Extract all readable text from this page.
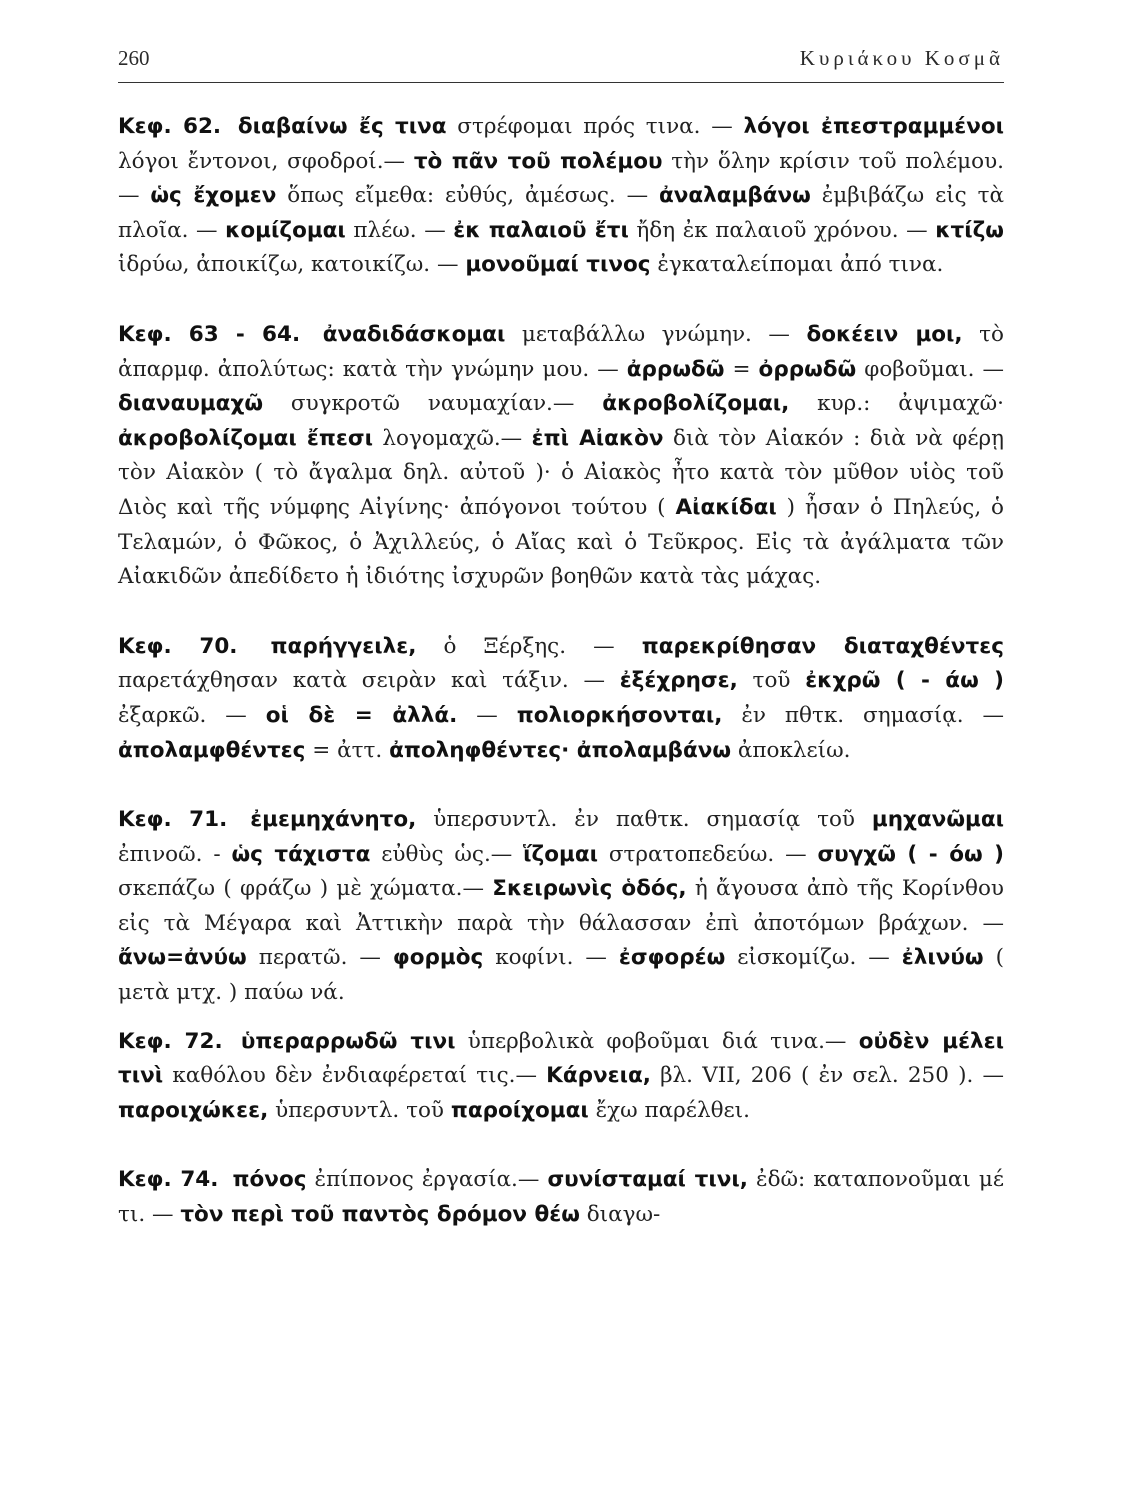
260	Κυριάκου Κοσμᾶ

Κεφ. 62. διαβαίνω ἔς τινα στρέφομαι πρός τινα. — λόγοι ἐπεστραμμένοι λόγοι ἔντονοι, σφοδροί.— τὸ πᾶν τοῦ πολέμου τὴν ὅλην κρίσιν τοῦ πολέμου. — ὡς ἔχομεν ὅπως εἴμεθα: εὐθύς, ἀμέσως. — ἀναλαμβάνω ἐμβιβάζω εἰς τὰ πλοῖα. — κομίζομαι πλέω. — ἐκ παλαιοῦ ἔτι ἤδη ἐκ παλαιοῦ χρόνου. — κτίζω ἱδρύω, ἀποικίζω, κατοικίζω. — μονοῦμαί τινος ἐγκαταλείπομαι ἀπό τινα.

Κεφ. 63 - 64. ἀναδιδάσκομαι μεταβάλλω γνώμην. — δοκέειν μοι, τὸ ἀπαρμφ. ἀπολύτως: κατὰ τὴν γνώμην μου. — ἀρρωδῶ = ὀρρωδῶ φοβοῦμαι. — διαναυμαχῶ συγκροτῶ ναυμαχίαν.— ἀκροβολίζομαι, κυρ.: ἀψιμαχῶ· ἀκροβολίζομαι ἔπεσι λογομαχῶ.— ἐπὶ Αἰακὸν διὰ τὸν Αἰακόν : διὰ νὰ φέρῃ τὸν Αἰακὸν ( τὸ ἄγαλμα δηλ. αὐτοῦ )· ὁ Αἰακὸς ἦτο κατὰ τὸν μῦθον υἱὸς τοῦ Διὸς καὶ τῆς νύμφης Αἰγίνης· ἀπόγονοι τούτου ( Αἰακίδαι ) ἦσαν ὁ Πηλεύς, ὁ Τελαμών, ὁ Φῶκος, ὁ Ἀχιλλεύς, ὁ Αἴας καὶ ὁ Τεῦκρος. Εἰς τὰ ἀγάλματα τῶν Αἰακιδῶν ἀπεδίδετο ἡ ἰδιότης ἰσχυρῶν βοηθῶν κατὰ τὰς μάχας.

Κεφ. 70. παρήγγειλε, ὁ Ξέρξης. — παρεκρίθησαν διαταχθέντες παρετάχθησαν κατὰ σειρὰν καὶ τάξιν. — ἐξέχρησε, τοῦ ἐκχρῶ ( - άω ) ἐξαρκῶ. — οἱ δὲ = ἀλλά. — πολιορκήσονται, ἐν πθτκ. σημασίᾳ. — ἀπολαμφθέντες = ἀττ. ἀποληφθέντες· ἀπολαμβάνω ἀποκλείω.

Κεφ. 71. ἐμεμηχάνητο, ὑπερσυντλ. ἐν παθτκ. σημασίᾳ τοῦ μηχανῶμαι ἐπινοῶ. - ὡς τάχιστα εὐθὺς ὡς.— ἵζομαι στρατοπεδεύω. — συγχῶ ( - όω ) σκεπάζω ( φράζω ) μὲ χώματα.— Σκειρωνὶς ὁδός, ἡ ἄγουσα ἀπὸ τῆς Κορίνθου εἰς τὰ Μέγαρα καὶ Ἀττικὴν παρὰ τὴν θάλασσαν ἐπὶ ἀποτόμων βράχων. — ἄνω=ἀνύω περατῶ. — φορμὸς κοφίνι. — ἐσφορέω εἰσκομίζω. — ἐλινύω ( μετὰ μτχ. ) παύω νά.

Κεφ. 72. ὑπεραρρωδῶ τινι ὑπερβολικὰ φοβοῦμαι διά τινα.— οὐδὲν μέλει τινὶ καθόλου δὲν ἐνδιαφέρεταί τις.— Κάρνεια, βλ. VII, 206 ( ἐν σελ. 250 ). — παροιχώκεε, ὑπερσυντλ. τοῦ παροίχομαι ἔχω παρέλθει.

Κεφ. 74. πόνος ἐπίπονος ἐργασία.— συνίσταμαί τινι, ἐδῶ: καταπονοῦμαι μέ τι. — τὸν περὶ τοῦ παντὸς δρόμον θέω διαγω-
